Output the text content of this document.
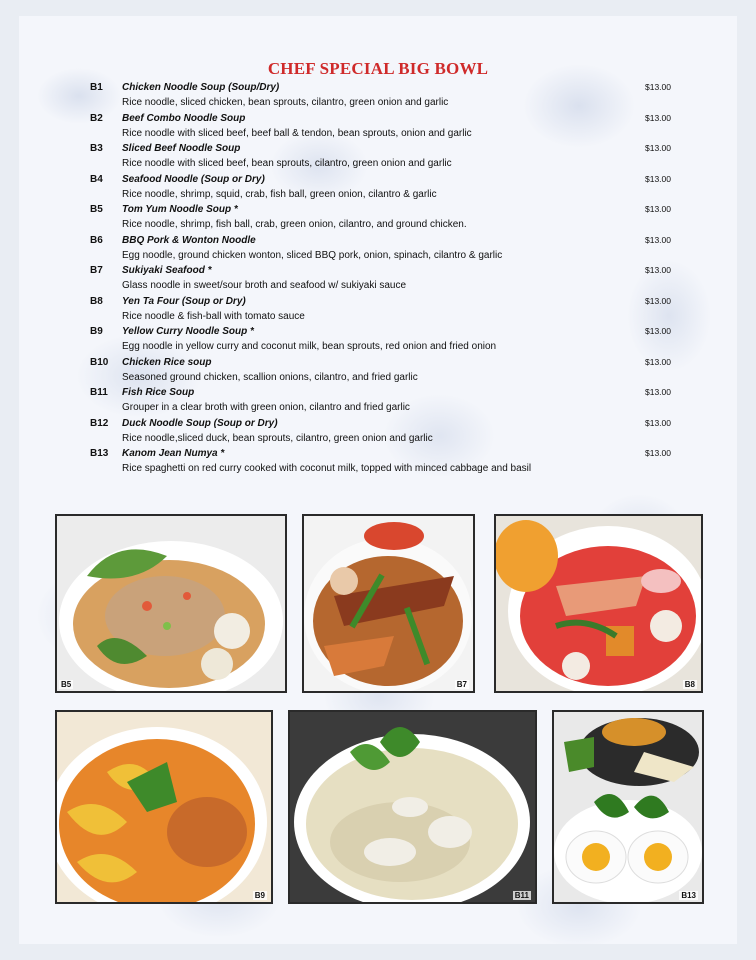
CHEF SPECIAL BIG BOWL
B1 Chicken Noodle Soup (Soup/Dry)	$13.00
Rice noodle, sliced chicken, bean sprouts, cilantro, green onion and garlic
B2 Beef Combo Noodle Soup	$13.00
Rice noodle with sliced beef, beef ball & tendon, bean sprouts, onion and garlic
B3 Sliced Beef Noodle Soup	$13.00
Rice noodle with sliced beef, bean sprouts, cilantro, green onion and garlic
B4 Seafood Noodle (Soup or Dry)	$13.00
Rice noodle, shrimp, squid, crab, fish ball, green onion, cilantro & garlic
B5 Tom Yum Noodle Soup *	$13.00
Rice noodle, shrimp, fish ball, crab, green onion, cilantro, and ground chicken.
B6 BBQ Pork & Wonton Noodle	$13.00
Egg noodle, ground chicken wonton, sliced BBQ pork, onion, spinach, cilantro & garlic
B7 Sukiyaki Seafood *	$13.00
Glass noodle in sweet/sour broth and seafood w/ sukiyaki sauce
B8 Yen Ta Four (Soup or Dry)	$13.00
Rice noodle & fish-ball with tomato sauce
B9 Yellow Curry Noodle Soup *	$13.00
Egg noodle in yellow curry and coconut milk, bean sprouts, red onion and fried onion
B10 Chicken Rice soup	$13.00
Seasoned ground chicken, scallion onions, cilantro, and fried garlic
B11 Fish Rice Soup	$13.00
Grouper in a clear broth with green onion, cilantro and fried garlic
B12 Duck Noodle Soup (Soup or Dry)	$13.00
Rice noodle,sliced duck, bean sprouts, cilantro, green onion and garlic
B13 Kanom Jean Numya *	$13.00
Rice spaghetti on red curry cooked with coconut milk, topped with minced cabbage and basil
B5	B7	B8
B9	B11	B13
